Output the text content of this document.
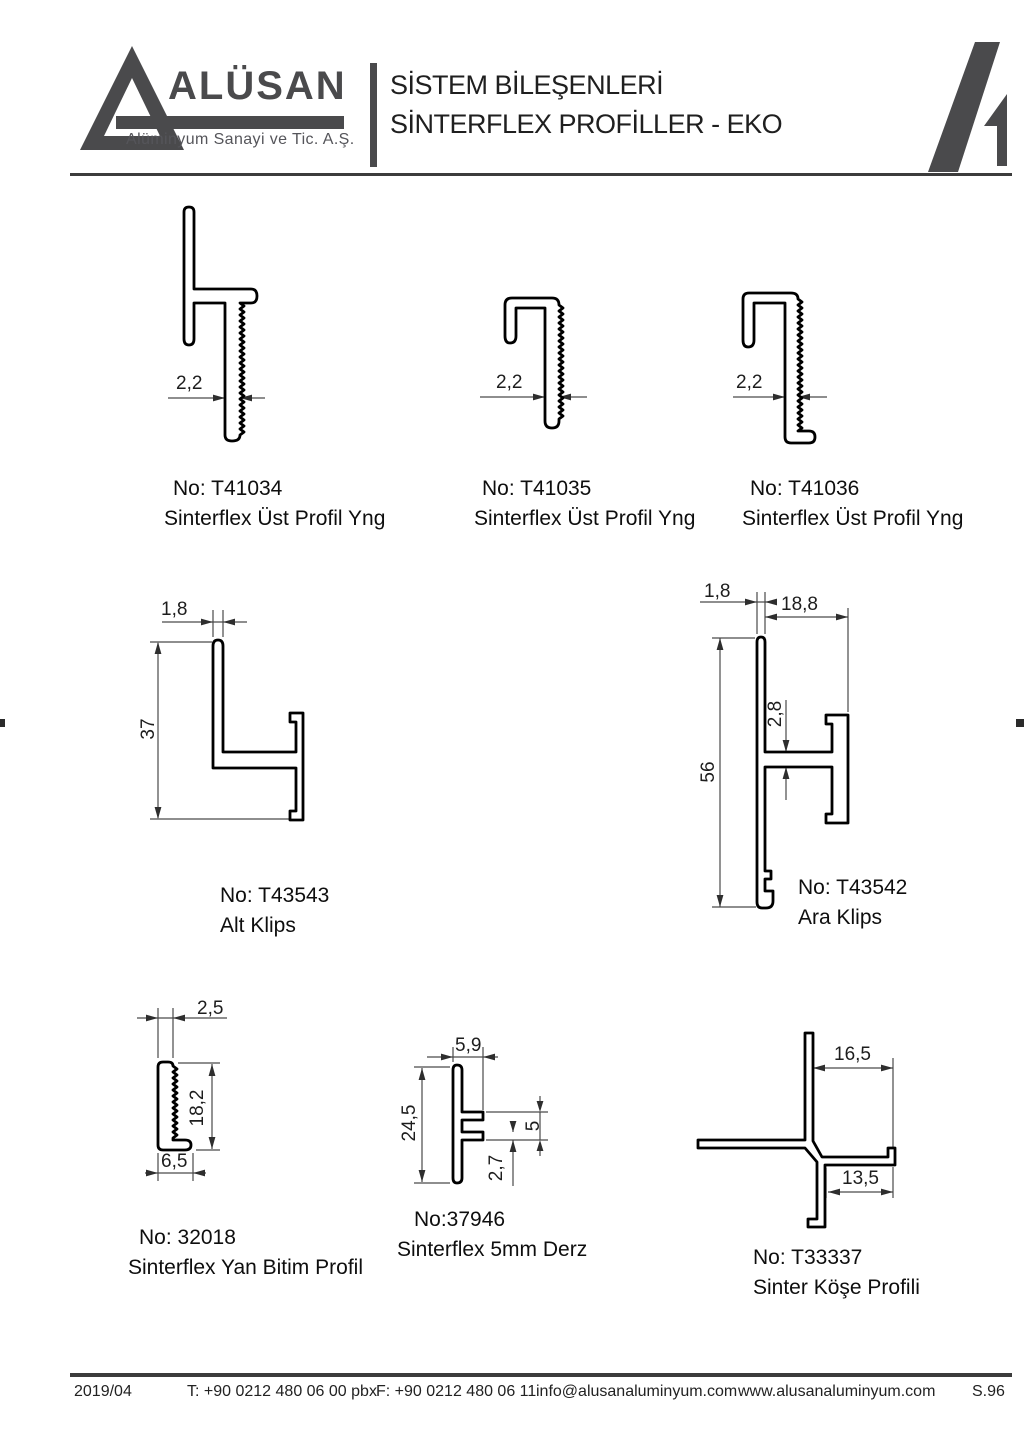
ALÜSAN
Alüminyum Sanayi ve Tic. A.Ş.
SİSTEM BİLEŞENLERİ
SİNTERFLEX PROFİLLER - EKO
2,2	2,2	2,2
1,8
37
1,8
18,8
2,8
56
2,5
18,2
6,5
5,9
24,5	5
2,7
16,5
13,5
No: T41034
Sinterflex Üst Profil Yng
No: T41035
Sinterflex Üst Profil Yng
No: T41036
Sinterflex Üst Profil Yng
No: T43543
Alt Klips
No: T43542
Ara Klips
No: 32018
Sinterflex Yan Bitim Profil
No:37946
Sinterflex 5mm Derz	No: T33337
Sinter Köşe Profili
2019/04	T: +90 0212 480 06 00 pbx F: +90 0212 480 06 11 info@alusanaluminyum.com www.alusanaluminyum.com S.96
